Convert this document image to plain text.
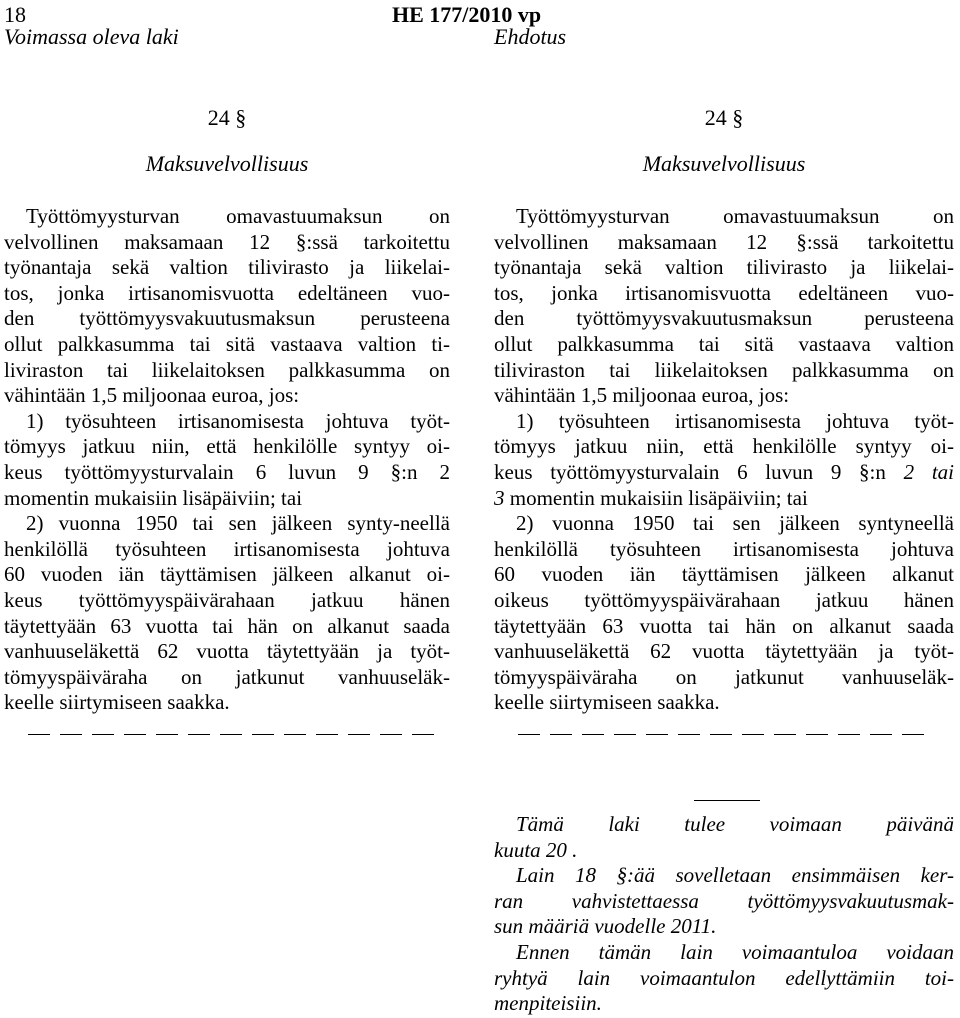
18	HE 177/2010 vp
Voimassa oleva laki	Ehdotus
24 §
Maksuvelvollisuus
Työttömyysturvan omavastuumaksun on
velvollinen maksamaan 12 §:ssä tarkoitettu
työnantaja sekä valtion tilivirasto ja liikelai-
tos, jonka irtisanomisvuotta edeltäneen vuo-
den työttömyysvakuutusmaksun perusteena
ollut palkkasumma tai sitä vastaava valtion ti-
liviraston tai liikelaitoksen palkkasumma on
vähintään 1,5 miljoonaa euroa, jos:
1) työsuhteen irtisanomisesta johtuva työt-
tömyys jatkuu niin, että henkilölle syntyy oi-
keus työttömyysturvalain 6 luvun 9 §:n 2
momentin mukaisiin lisäpäiviin; tai
2) vuonna 1950 tai sen jälkeen synty-neellä
henkilöllä työsuhteen irtisanomisesta johtuva
60 vuoden iän täyttämisen jälkeen alkanut oi-
keus työttömyyspäivärahaan jatkuu hänen
täytettyään 63 vuotta tai hän on alkanut saada
vanhuuseläkettä 62 vuotta täytettyään ja työt-
tömyyspäiväraha on jatkunut vanhuuseläk-
keelle siirtymiseen saakka.
24 §
Maksuvelvollisuus
Työttömyysturvan omavastuumaksun on
velvollinen maksamaan 12 §:ssä tarkoitettu
työnantaja sekä valtion tilivirasto ja liikelai-
tos, jonka irtisanomisvuotta edeltäneen vuo-
den työttömyysvakuutusmaksun perusteena
ollut palkkasumma tai sitä vastaava valtion
tiliviraston tai liikelaitoksen palkkasumma on
vähintään 1,5 miljoonaa euroa, jos:
1) työsuhteen irtisanomisesta johtuva työt-
tömyys jatkuu niin, että henkilölle syntyy oi-
keus työttömyysturvalain 6 luvun 9 §:n 2 tai
3 momentin mukaisiin lisäpäiviin; tai
2) vuonna 1950 tai sen jälkeen syntyneellä
henkilöllä työsuhteen irtisanomisesta johtuva
60 vuoden iän täyttämisen jälkeen alkanut
oikeus työttömyyspäivärahaan jatkuu hänen
täytettyään 63 vuotta tai hän on alkanut saada
vanhuuseläkettä 62 vuotta täytettyään ja työt-
tömyyspäiväraha on jatkunut vanhuuseläk-
keelle siirtymiseen saakka.
Tämä laki tulee voimaan päivänä
kuuta 20 .
Lain 18 §:ää sovelletaan ensimmäisen ker-
ran vahvistettaessa työttömyysvakuutusmak-
sun määriä vuodelle 2011.
Ennen tämän lain voimaantuloa voidaan
ryhtyä lain voimaantulon edellyttämiin toi-
menpiteisiin.
